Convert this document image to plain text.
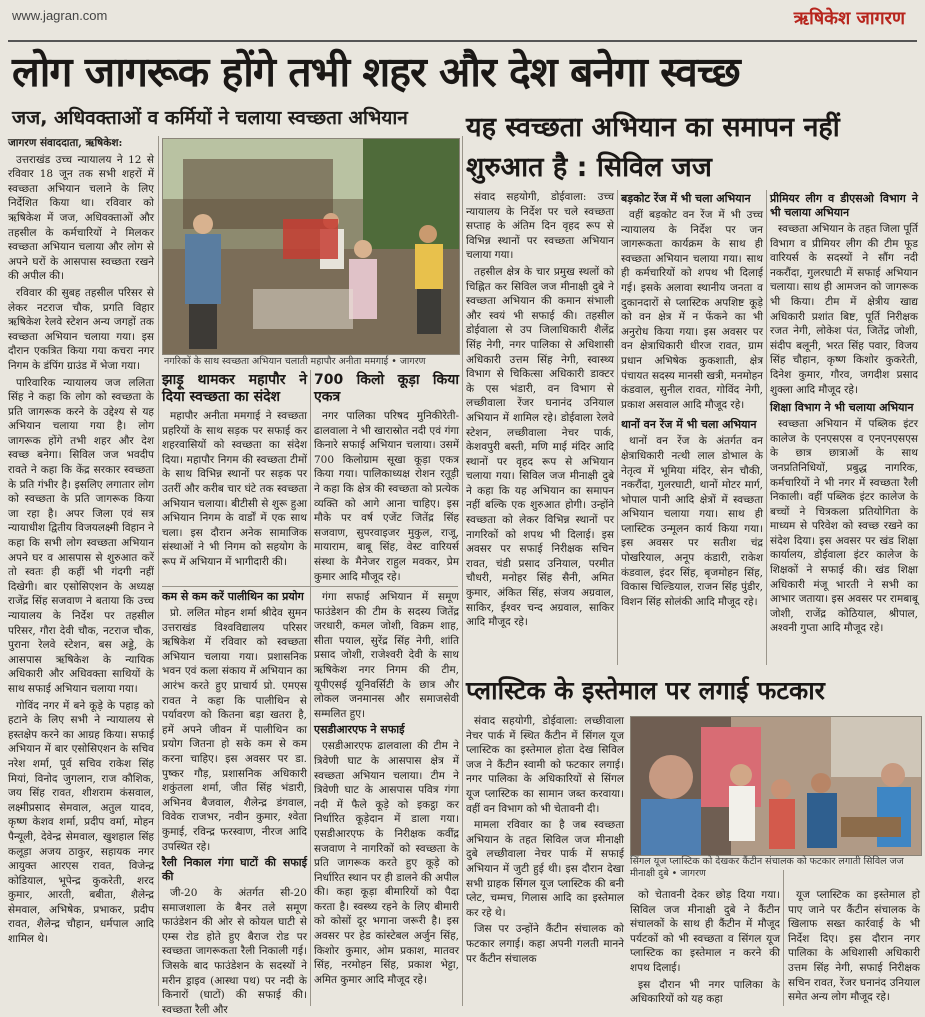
www.jagran.com	ऋषिकेश जागरण
लोग जागरूक होंगे तभी शहर और देश बनेगा स्वच्छ
जज, अधिवक्ताओं व कर्मियों ने चलाया स्वच्छता अभियान	यह स्वच्छता अभियान का समापन नहीं शुरुआत है : सिविल जज

जागरण संवाददाता, ऋषिकेश:

उत्तराखंड उच्च न्यायालय ने 12 से रविवार 18 जून तक सभी शहरों में स्वच्छता अभियान चलाने के लिए निर्देशित किया था। रविवार को ऋषिकेश में जज, अधिवक्ताओं और तहसील के कर्मचारियों ने मिलकर स्वच्छता अभियान चलाया और लोग से अपने घरों के आसपास स्वच्छता रखने की अपील की।

रविवार की सुबह तहसील परिसर से लेकर नटराज चौक, प्रगति विहार ऋषिकेश रेलवे स्टेशन अन्य जगहों तक स्वच्छता अभियान चलाया गया। इस दौरान एकत्रित किया गया कचरा नगर निगम के डंपिंग ग्राउंड में भेजा गया।

पारिवारिक न्यायालय जज ललिता सिंह ने कहा कि लोग को स्वच्छता के प्रति जागरूक करने के उद्देश्य से यह अभियान चलाया गया है। लोग जागरूक होंगे तभी शहर और देश स्वच्छ बनेगा। सिविल जज भवदीप रावते ने कहा कि केंद्र सरकार स्वच्छता के प्रति गंभीर है। इसलिए लगातार लोग को स्वच्छता के प्रति जागरूक किया जा रहा है। अपर जिला एवं सत्र न्यायाधीश द्वितीय विजयलक्ष्मी विहान ने कहा कि सभी लोग स्वच्छता अभियान अपने घर व आसपास से शुरुआत करें तो स्वतः ही कहीं भी गंदगी नहीं दिखेगी। बार एसोसिएशन के अध्यक्ष राजेंद्र सिंह सजवाण ने बताया कि उच्च न्यायालय के निर्देश पर तहसील परिसर, गौरा देवी चौक, नटराज चौक, पुराना रेलवे स्टेशन, बस अड्डे, के आसपास ऋषिकेश के न्यायिक अधिकारी और अधिवक्ता साथियों के साथ सफाई अभियान चलाया गया।

गोविंद नगर में बने कूड़े के पहाड़ को हटाने के लिए सभी ने न्यायालय से हस्तक्षेप करने का आग्रह किया। सफाई अभियान में बार एसोसिएशन के सचिव नरेश शर्मा, पूर्व सचिव राकेश सिंह मियां, विनोद जुगलान, राज कौशिक, जय सिंह रावत, शीशराम कंसवाल, लक्ष्मीप्रसाद सेमवाल, अतुल यादव, कृष्ण केशव शर्मा, प्रदीप वर्मा, मोहन पैन्यूली, देवेन्द्र सेमवाल, खुशहाल सिंह कलूड़ा अजय ठाकुर, सहायक नगर आयुक्त आरएस रावत, विजेन्द्र कोडियाल, भूपेन्द्र कुकरेती, शरद कुमार, आरती, बबीता, शैलेन्द्र सेमवाल, अभिषेक, प्रभाकर, प्रदीप रावत, शैलेन्द्र चौहान, धर्मपाल आदि शामिल थे।

नगरिकों के साथ स्वच्छता अभियान चलाती महापौर अनीता ममगाई • जागरण
झाड़ू थामकर महापौर ने दिया स्वच्छता का संदेश

महापौर अनीता ममगाई ने स्वच्छता प्रहरियों के साथ सड़क पर सफाई कर शहरवासियों को स्वच्छता का संदेश दिया। महापौर निगम की स्वच्छता टीमों के साथ विभिन्न स्थानों पर सड़क पर उतरीं और करीब चार घंटे तक स्वच्छता अभियान चलाया। बीटीसी से शुरू हुआ अभियान निगम के वार्डों में एक साथ चला। इस दौरान अनेक सामाजिक संस्थाओं ने भी निगम को सहयोग के रूप में अभियान में भागीदारी की।

700 किलो कूड़ा किया एकत्र

नगर पालिका परिषद मुनिकीरेती-ढालवाला ने भी खारास्रोत नदी एवं गंगा किनारे सफाई अभियान चलाया। उसमें 700 किलोग्राम सूखा कूड़ा एकत्र किया गया। पालिकाध्यक्ष रोशन रतूड़ी ने कहा कि क्षेत्र की स्वच्छता को प्रत्येक व्यक्ति को आगे आना चाहिए। इस मौके पर वर्ष एजेंट जितेंद्र सिंह सजवाण, सुपरवाइजर मुकुल, राजू, मायाराम, बाबू सिंह, वेस्ट वारियर्स संस्था के मैनेजर राहुल मवकर, प्रेम कुमार आदि मौजूद रहे।

कम से कम करें पालीथिन का प्रयोग

प्रो. ललित मोहन शर्मा श्रीदेव सुमन उत्तराखंड विश्वविद्यालय परिसर ऋषिकेश में रविवार को स्वच्छता अभियान चलाया गया। प्रशासनिक भवन एवं कला संकाय में अभियान का आरंभ करते हुए प्राचार्य प्रो. एमएस रावत ने कहा कि पालीथिन से पर्यावरण को कितना बड़ा खतरा है, हमें अपने जीवन में पालीथिन का प्रयोग जितना हो सके कम से कम करना चाहिए। इस अवसर पर डा. पुष्कर गौड़, प्रशासनिक अधिकारी शकुंतला शर्मा, जीत सिंह भंडारी, अभिनव बैजवाल, शैलेन्द्र डंगवाल, विवेक राजभर, नवीन कुमार, श्वेता कुमाई, रविन्द्र फरस्वाण, नीरज आदि उपस्थित रहे।

रैली निकाल गंगा घाटों की सफाई की

जी-20 के अंतर्गत सी-20 समाजशाला के बैनर तले समूण फाउंडेशन की ओर से कोयल घाटी से एम्स रोड होते हुए बैराज रोड पर स्वच्छता जागरूकता रैली निकाली गई। जिसके बाद फाउंडेशन के सदस्यों ने मरीन ड्राइव (आस्था पथ) पर नदी के किनारों (घाटों) की सफाई की। स्वच्छता रैली और

गंगा सफाई अभियान में समूण फाउंडेशन की टीम के सदस्य जितेंद्र जरधारी, कमल जोशी, विक्रम शाह, सीता पयाल, सुरेंद्र सिंह नेगी, शांति प्रसाद जोशी, राजेश्वरी देवी के साथ ऋषिकेश नगर निगम की टीम, यूपीएसई यूनिवर्सिटी के छात्र और लोकल जनमानस और समाजसेवी सम्मलित हुए।

एसडीआरएफ ने सफाई

एसडीआरएफ ढालवाला की टीम ने त्रिवेणी घाट के आसपास क्षेत्र में स्वच्छता अभियान चलाया। टीम ने त्रिवेणी घाट के आसपास पवित्र गंगा नदी में फैले कूड़े को इकट्ठा कर निर्धारित कूड़ेदान में डाला गया। एसडीआरएफ के निरीक्षक कवींद्र सजवाण ने नागरिकों को स्वच्छता के प्रति जागरूक करते हुए कूड़े को निर्धारित स्थान पर ही डालने की अपील की। कहा कूड़ा बीमारियों को पैदा करता है। स्वस्थ्य रहने के लिए बीमारी को कोसों दूर भगाना जरूरी है। इस अवसर पर हेड कांस्टेबल अर्जुन सिंह, किशोर कुमार, ओम प्रकाश, मातवर सिंह, नरमोहन सिंह, प्रकाश भेट्टा, अमित कुमार आदि मौजूद रहे।

संवाद सहयोगी, डोईवाला: उच्च न्यायालय के निर्देश पर चले स्वच्छता सप्ताह के अंतिम दिन वृहद रूप से विभिन्न स्थानों पर स्वच्छता अभियान चलाया गया।

तहसील क्षेत्र के चार प्रमुख स्थलों को चिह्नित कर सिविल जज मीनाक्षी दुबे ने स्वच्छता अभियान की कमान संभाली और स्वयं भी सफाई की। तहसील डोईवाला से उप जिलाधिकारी शैलेंद्र सिंह नेगी, नगर पालिका से अधिशासी अधिकारी उत्तम सिंह नेगी, स्वास्थ्य विभाग से चिकित्सा अधिकारी डाक्टर के एस भंडारी, वन विभाग से लच्छीवाला रेंजर घनानंद उनियाल अभियान में शामिल रहे। डोईवाला रेलवे स्टेशन, लच्छीवाला नेचर पार्क, केशवपुरी बस्ती, मणि माई मंदिर आदि स्थानों पर वृहद रूप से अभियान चलाया गया। सिविल जज मीनाक्षी दुबे ने कहा कि यह अभियान का समापन नहीं बल्कि एक शुरुआत होगी। उन्होंने स्वच्छता को लेकर विभिन्न स्थानों पर नागरिकों को शपथ भी दिलाई। इस अवसर पर सफाई निरीक्षक सचिन रावत, चंडी प्रसाद उनियाल, परमीत चौधरी, मनोहर सिंह सैनी, अमित कुमार, अंकित सिंह, संजय अग्रवाल, साकिर, ईश्वर चन्द अग्रवाल, साकिर आदि मौजूद रहे।

बड़कोट रेंज में भी चला अभियान

वहीं बड़कोट वन रेंज में भी उच्च न्यायालय के निर्देश पर जन जागरूकता कार्यक्रम के साथ ही स्वच्छता अभियान चलाया गया। साथ ही कर्मचारियों को शपथ भी दिलाई गई। इसके अलावा स्थानीय जनता व दुकानदारों से प्लास्टिक अपशिष्ट कूड़े को वन क्षेत्र में न फेंकने का भी अनुरोध किया गया। इस अवसर पर वन क्षेत्राधिकारी धीरज रावत, ग्राम प्रधान अभिषेक कुकशाती, क्षेत्र पंचायत सदस्य मानसी खत्री, मनमोहन कंडवाल, सुनील रावत, गोविंद नेगी, प्रकाश असवाल आदि मौजूद रहे।

थानों वन रेंज में भी चला अभियान

थानों वन रेंज के अंतर्गत वन क्षेत्राधिकारी नत्थी लाल डोभाल के नेतृत्व में भूमिया मंदिर, सेन चौकी, नकरौंदा, गुलरघाटी, थानों मोटर मार्ग, भोपाल पानी आदि क्षेत्रों में स्वच्छता अभियान चलाया गया। साथ ही प्लास्टिक उन्मूलन कार्य किया गया। इस अवसर पर सतीश चंद्र पोखरियाल, अनूप कंडारी, राकेश कंडवाल, इंदर सिंह, बृजमोहन सिंह, विकास चिल्डियाल, राजन सिंह पुंडीर, विशन सिंह सोलंकी आदि मौजूद रहे।

प्रीमियर लीग व डीएसओ विभाग ने भी चलाया अभियान

स्वच्छता अभियान के तहत जिला पूर्ति विभाग व प्रीमियर लीग की टीम फूड वारियर्स के सदस्यों ने सौंग नदी नकरौंदा, गुलरघाटी में सफाई अभियान चलाया। साथ ही आमजन को जागरूक भी किया। टीम में क्षेत्रीय खाद्य अधिकारी प्रशांत बिष्ट, पूर्ति निरीक्षक रजत नेगी, लोकेश पंत, जितेंद्र जोशी, संदीप बलूनी, भरत सिंह पवार, विजय सिंह चौहान, कृष्ण किशोर कुकरेती, दिनेश कुमार, गौरव, जगदीश प्रसाद शुक्ला आदि मौजूद रहे।

शिक्षा विभाग ने भी चलाया अभियान

स्वच्छता अभियान में पब्लिक इंटर कालेज के एनएसएस व एनएनएसएस के छात्र छात्राओं के साथ जनप्रतिनिधियों, प्रबुद्ध नागरिक, कर्मचारियों ने भी नगर में स्वच्छता रैली निकाली। वहीं पब्लिक इंटर कालेज के बच्चों ने चित्रकला प्रतियोगिता के माध्यम से परिवेश को स्वच्छ रखने का संदेश दिया। इस अवसर पर खंड शिक्षा कार्यालय, डोईवाला इंटर कालेज के शिक्षकों ने सफाई की। खंड शिक्षा अधिकारी मंजू भारती ने सभी का आभार जताया। इस अवसर पर रामबाबू जोशी, राजेंद्र कोठियाल, श्रीपाल, अश्वनी गुप्ता आदि मौजूद रहे।

प्लास्टिक के इस्तेमाल पर लगाई फटकार

संवाद सहयोगी, डोईवाला: लच्छीवाला नेचर पार्क में स्थित कैंटीन में सिंगल यूज प्लास्टिक का इस्तेमाल होता देख सिविल जज ने कैंटीन स्वामी को फटकार लगाई। नगर पालिका के अधिकारियों से सिंगल यूज प्लास्टिक का सामान जब्त करवाया। वहीं वन विभाग को भी चेतावनी दी।

मामला रविवार का है जब स्वच्छता अभियान के तहत सिविल जज मीनाक्षी दुबे लच्छीवाला नेचर पार्क में सफाई अभियान में जुटी हुई थी। इस दौरान देखा सभी ग्राहक सिंगल यूज प्लास्टिक की बनी प्लेट, चम्मच, गिलास आदि का इस्तेमाल कर रहे थे।

जिस पर उन्होंने कैंटीन संचालक को फटकार लगाई। कहा अपनी गलती मानने पर कैंटीन संचालक

सिंगल यूज प्लास्टिक को देखकर कैंटीन संचालक को फटकार लगाती सिविल जज मीनाक्षी दुबे • जागरण

को चेतावनी देकर छोड़ दिया गया। सिविल जज मीनाक्षी दुबे ने कैंटीन संचालकों के साथ ही कैंटीन में मौजूद पर्यटकों को भी स्वच्छता व सिंगल यूज प्लास्टिक का इस्तेमाल न करने की शपथ दिलाई।

इस दौरान भी नगर पालिका के अधिकारियों को यह कहा

यूज प्लास्टिक का इस्तेमाल हो पाए जाने पर कैंटीन संचालक के खिलाफ सख्त कार्रवाई के भी निर्देश दिए। इस दौरान नगर पालिका के अधिशासी अधिकारी उत्तम सिंह नेगी, सफाई निरीक्षक सचिन रावत, रेंजर घनानंद उनियाल समेत अन्य लोग मौजूद रहे।
